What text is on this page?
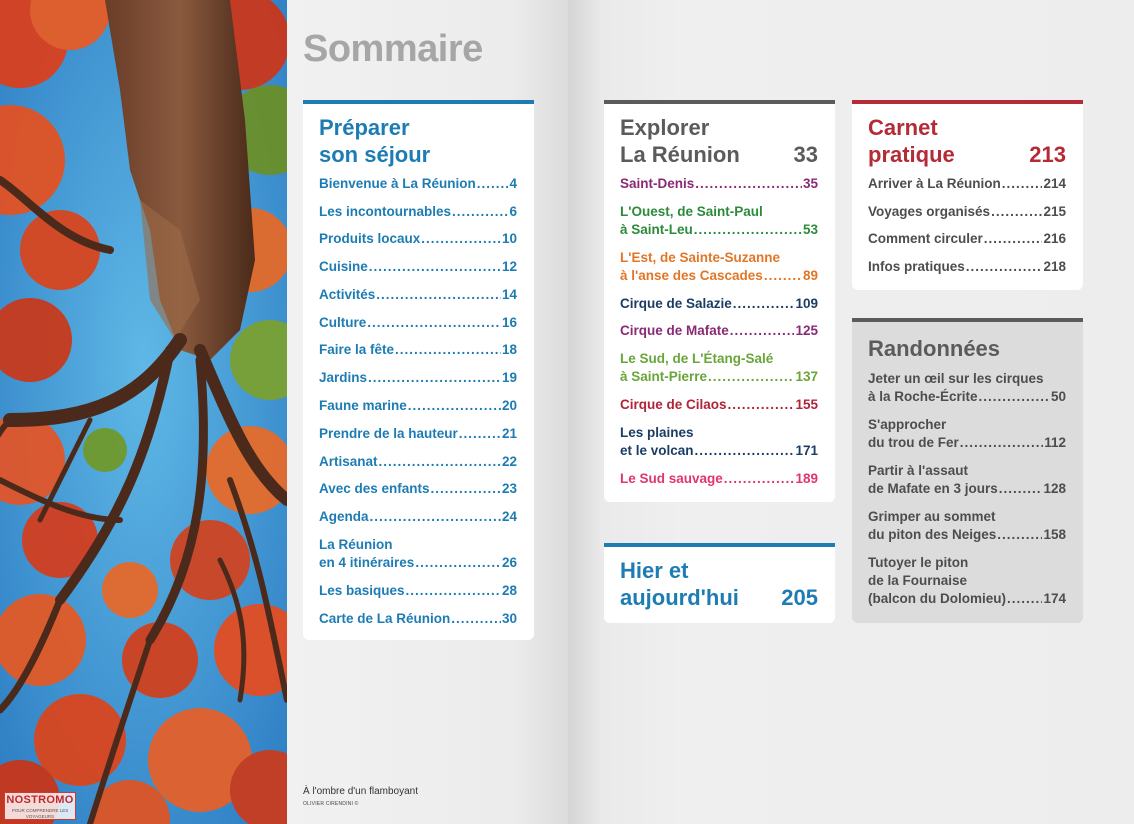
NOSTROMO
POUR COMPRENDRE LES VOYAGEURS
Sommaire
Préparer
son séjour
Bienvenue à La Réunion ..... 4
Les incontournables .....	6
Produits locaux .....	10
Cuisine .....	12
Activités .....	14
Culture .....	16
Faire la fête .....	18
Jardins .....	19
Faune marine .....	20
Prendre de la hauteur .....	21
Artisanat .....	22
Avec des enfants .....	23
Agenda .....	24
La Réunion
en 4 itinéraires .....	26
Les basiques .....	28
Carte de La Réunion .....	30
Explorer
La Réunion 33
Saint-Denis .....	35
L'Ouest, de Saint-Paul
à Saint-Leu .....	53
L'Est, de Sainte-Suzanne
à l'anse des Cascades .....	89
Cirque de Salazie .....	109
Cirque de Mafate .....	125
Le Sud, de L'Étang-Salé
à Saint-Pierre .....	137
Cirque de Cilaos .....	155
Les plaines
et le volcan .....	171
Le Sud sauvage .....	189
Hier et
aujourd'hui 205
Carnet
pratique	213
Arriver à La Réunion .....	214
Voyages organisés .....	215
Comment circuler .....	216
Infos pratiques .....	218
Randonnées
Jeter un œil sur les cirques
à la Roche-Écrite .....	50
S'approcher
du trou de Fer .....	112
Partir à l'assaut
de Mafate en 3 jours .....	128
Grimper au sommet
du piton des Neiges .....	158
Tutoyer le piton
de la Fournaise
(balcon du Dolomieu) .....	174
À l'ombre d'un flamboyant
OLIVIER CIRENDINI ©
